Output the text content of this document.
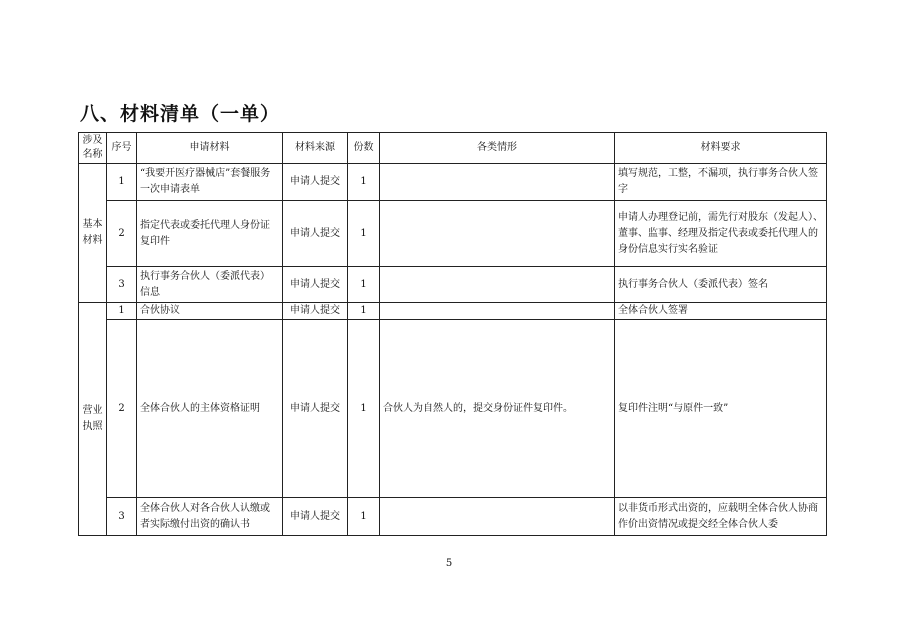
八、材料清单（一单）
涉及名称	序号	申请材料	材料来源	份数	各类情形	材料要求
基本材料	1	“我要开医疗器械店”套餐服务一次申请表单	申请人提交	1		填写规范，工整，不漏项，执行事务合伙人签字
	2	指定代表或委托代理人身份证复印件	申请人提交	1		申请人办理登记前，需先行对股东（发起人）、董事、监事、经理及指定代表或委托代理人的身份信息实行实名验证
	3	执行事务合伙人（委派代表）信息	申请人提交	1		执行事务合伙人（委派代表）签名
营业执照	1	合伙协议	申请人提交	1		全体合伙人签署
	2	全体合伙人的主体资格证明	申请人提交	1	合伙人为自然人的，提交身份证件复印件。	复印件注明“与原件一致”
	3	全体合伙人对各合伙人认缴或者实际缴付出资的确认书	申请人提交	1		以非货币形式出资的，应载明全体合伙人协商作价出资情况或提交经全体合伙人委
5
